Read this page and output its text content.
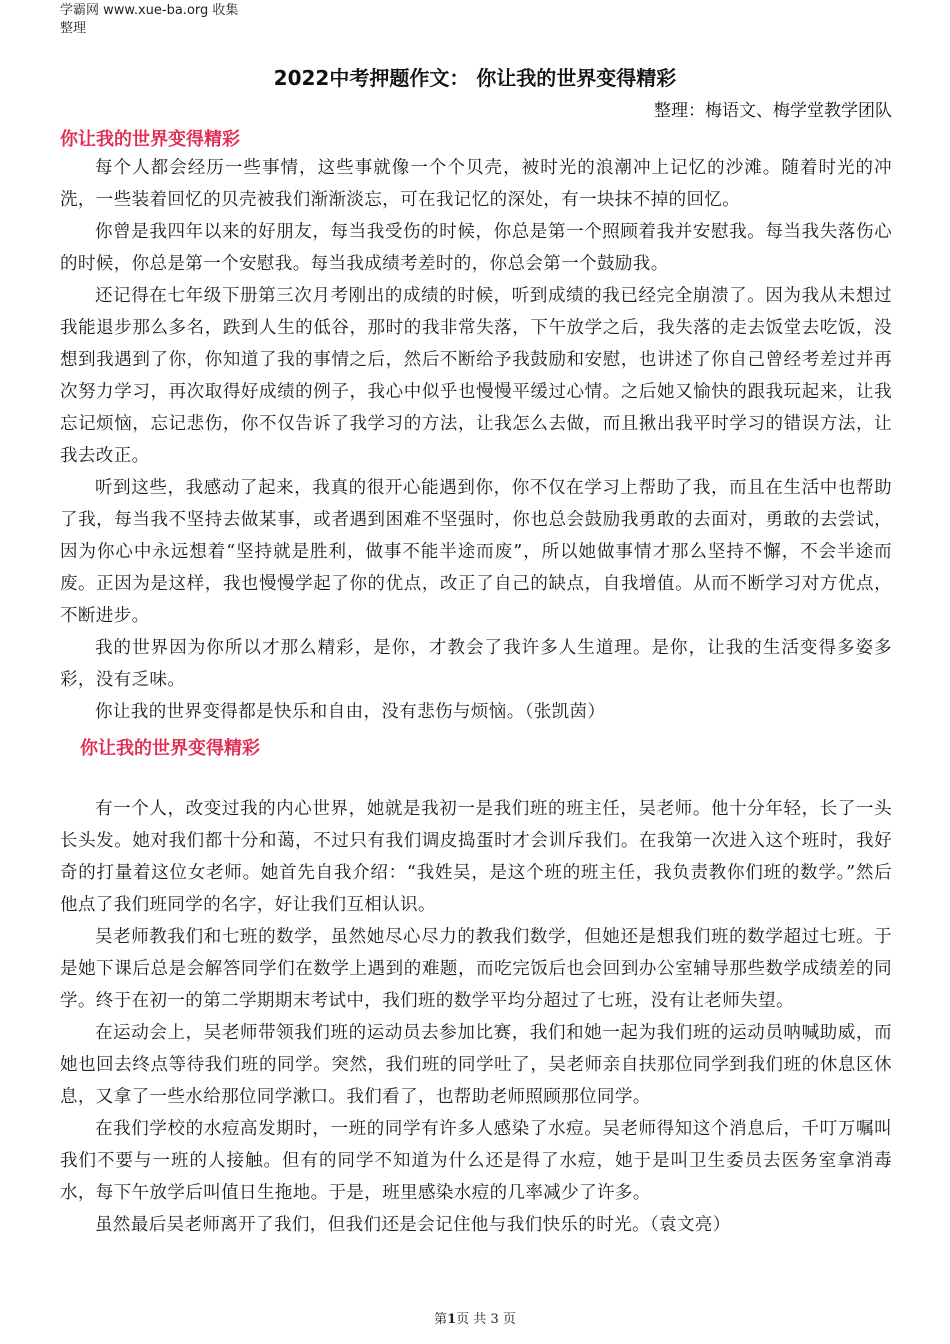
学霸网 www.xue-ba.org 收集整理
2022中考押题作文： 你让我的世界变得精彩
整理：梅语文、梅学堂教学团队
你让我的世界变得精彩

每个人都会经历一些事情，这些事就像一个个贝壳，被时光的浪潮冲上记忆的沙滩。随着时光的冲洗，一些装着回忆的贝壳被我们渐渐淡忘，可在我记忆的深处，有一块抹不掉的回忆。

你曾是我四年以来的好朋友，每当我受伤的时候，你总是第一个照顾着我并安慰我。每当我失落伤心的时候，你总是第一个安慰我。每当我成绩考差时的，你总会第一个鼓励我。

还记得在七年级下册第三次月考刚出的成绩的时候，听到成绩的我已经完全崩溃了。因为我从未想过我能退步那么多名，跌到人生的低谷，那时的我非常失落，下午放学之后，我失落的走去饭堂去吃饭，没想到我遇到了你，你知道了我的事情之后，然后不断给予我鼓励和安慰，也讲述了你自己曾经考差过并再次努力学习，再次取得好成绩的例子，我心中似乎也慢慢平缓过心情。之后她又愉快的跟我玩起来，让我忘记烦恼，忘记悲伤，你不仅告诉了我学习的方法，让我怎么去做，而且揪出我平时学习的错误方法，让我去改正。

听到这些，我感动了起来，我真的很开心能遇到你，你不仅在学习上帮助了我，而且在生活中也帮助了我，每当我不坚持去做某事，或者遇到困难不坚强时，你也总会鼓励我勇敢的去面对，勇敢的去尝试，因为你心中永远想着“坚持就是胜利，做事不能半途而废”，所以她做事情才那么坚持不懈，不会半途而废。正因为是这样，我也慢慢学起了你的优点，改正了自己的缺点，自我增值。从而不断学习对方优点，不断进步。

我的世界因为你所以才那么精彩，是你，才教会了我许多人生道理。是你，让我的生活变得多姿多彩，没有乏味。

你让我的世界变得都是快乐和自由，没有悲伤与烦恼。（张凯茵）

你让我的世界变得精彩

有一个人，改变过我的内心世界，她就是我初一是我们班的班主任，吴老师。他十分年轻，长了一头长头发。她对我们都十分和蔼，不过只有我们调皮捣蛋时才会训斥我们。在我第一次进入这个班时，我好奇的打量着这位女老师。她首先自我介绍：“我姓吴，是这个班的班主任，我负责教你们班的数学。”然后他点了我们班同学的名字，好让我们互相认识。

吴老师教我们和七班的数学，虽然她尽心尽力的教我们数学，但她还是想我们班的数学超过七班。于是她下课后总是会解答同学们在数学上遇到的难题，而吃完饭后也会回到办公室辅导那些数学成绩差的同学。终于在初一的第二学期期末考试中，我们班的数学平均分超过了七班，没有让老师失望。

在运动会上，吴老师带领我们班的运动员去参加比赛，我们和她一起为我们班的运动员呐喊助威，而她也回去终点等待我们班的同学。突然，我们班的同学吐了，吴老师亲自扶那位同学到我们班的休息区休息，又拿了一些水给那位同学漱口。我们看了，也帮助老师照顾那位同学。

在我们学校的水痘高发期时，一班的同学有许多人感染了水痘。吴老师得知这个消息后，千叮万嘱叫我们不要与一班的人接触。但有的同学不知道为什么还是得了水痘，她于是叫卫生委员去医务室拿消毒水，每下午放学后叫值日生拖地。于是，班里感染水痘的几率减少了许多。

虽然最后吴老师离开了我们，但我们还是会记住他与我们快乐的时光。（袁文亮）

第1页 共 3 页
